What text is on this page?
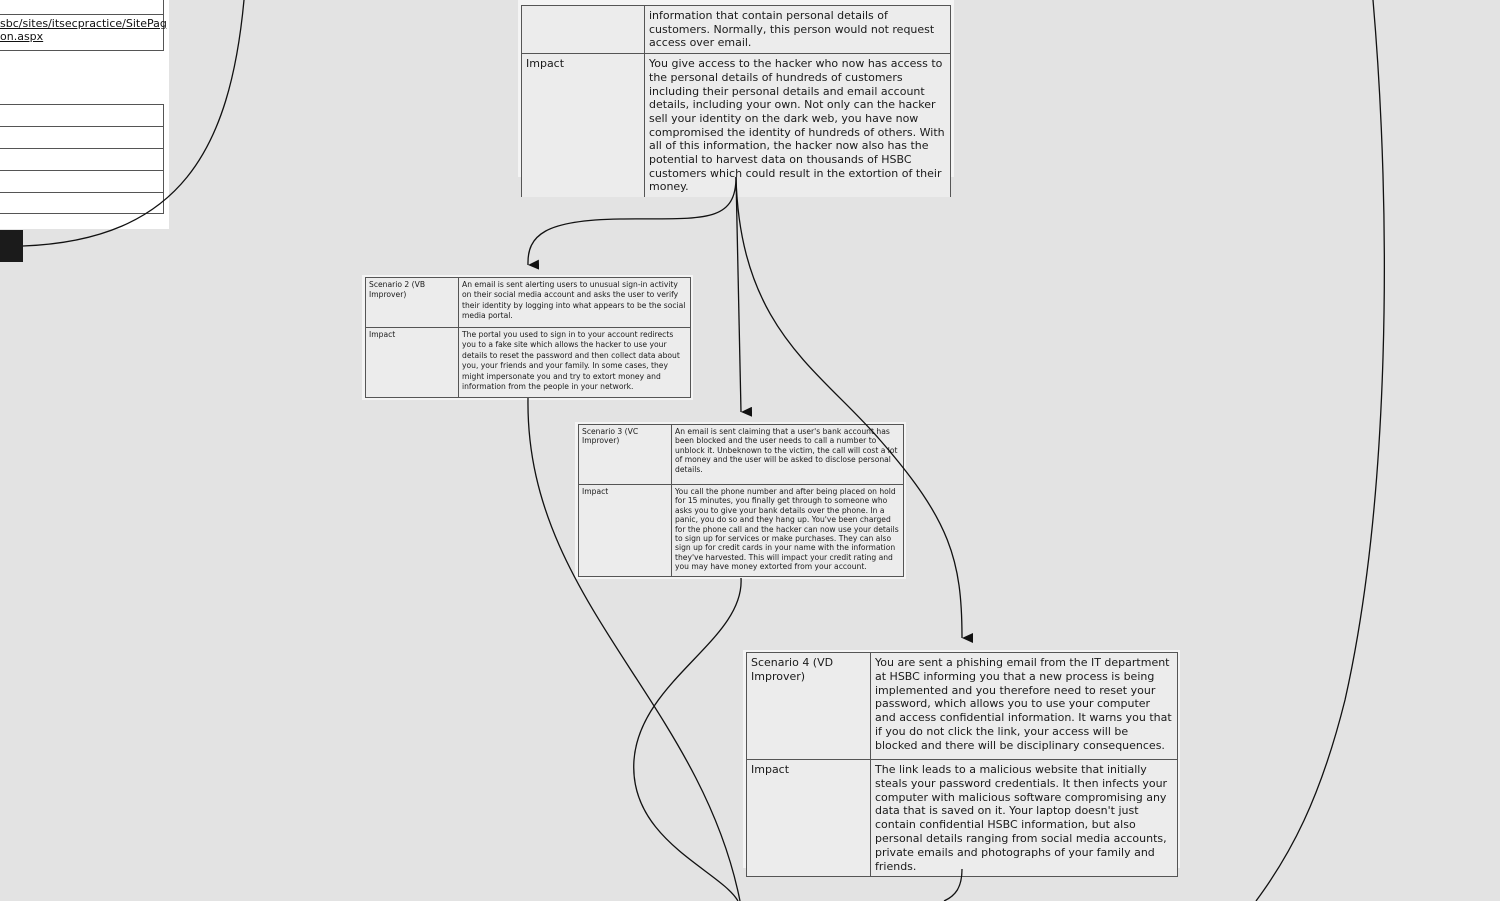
sbc/sites/itsecpractice/SitePag
on.aspx

	information that contain personal details of customers. Normally, this person would not request access over email.
Impact	You give access to the hacker who now has access to the personal details of hundreds of customers including their personal details and email account details, including your own. Not only can the hacker sell your identity on the dark web, you have now compromised the identity of hundreds of others. With all of this information, the hacker now also has the potential to harvest data on thousands of HSBC customers which could result in the extortion of their money.
Scenario 2 (VB Improver)	An email is sent alerting users to unusual sign-in activity on their social media account and asks the user to verify their identity by logging into what appears to be the social media portal.
Impact	The portal you used to sign in to your account redirects you to a fake site which allows the hacker to use your details to reset the password and then collect data about you, your friends and your family. In some cases, they might impersonate you and try to extort money and information from the people in your network.
Scenario 3 (VC Improver)	An email is sent claiming that a user's bank account has been blocked and the user needs to call a number to unblock it. Unbeknown to the victim, the call will cost a lot of money and the user will be asked to disclose personal details.
Impact	You call the phone number and after being placed on hold for 15 minutes, you finally get through to someone who asks you to give your bank details over the phone. In a panic, you do so and they hang up. You've been charged for the phone call and the hacker can now use your details to sign up for services or make purchases. They can also sign up for credit cards in your name with the information they've harvested. This will impact your credit rating and you may have money extorted from your account.
Scenario 4 (VD Improver)	You are sent a phishing email from the IT department at HSBC informing you that a new process is being implemented and you therefore need to reset your password, which allows you to use your computer and access confidential information. It warns you that if you do not click the link, your access will be blocked and there will be disciplinary consequences.
Impact	The link leads to a malicious website that initially steals your password credentials. It then infects your computer with malicious software compromising any data that is saved on it. Your laptop doesn't just contain confidential HSBC information, but also personal details ranging from social media accounts, private emails and photographs of your family and friends.
